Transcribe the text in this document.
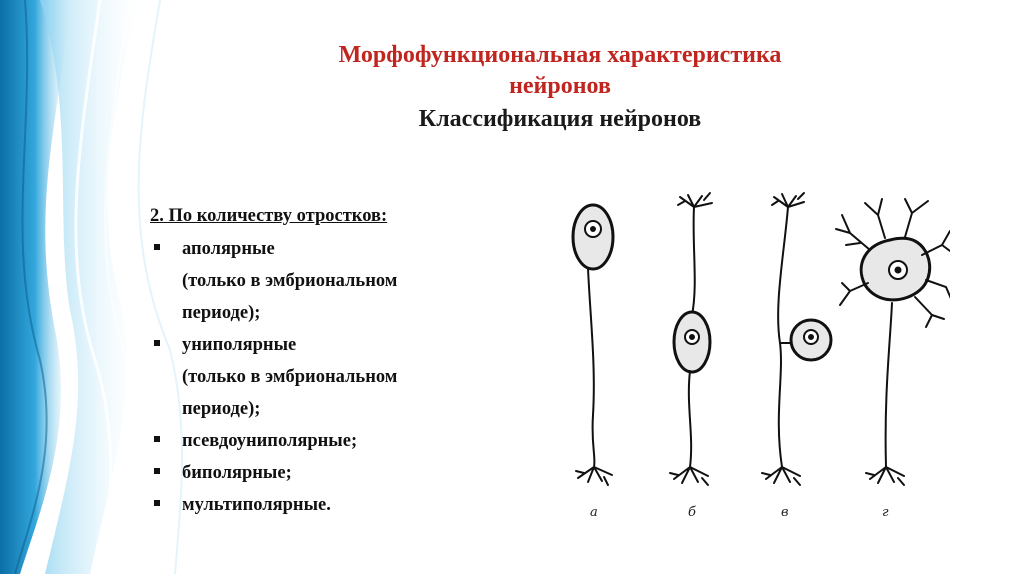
Морфофункциональная характеристика
нейронов
Классификация нейронов
2. По количеству отростков:
аполярные
(только в эмбриональном
периоде);
униполярные
(только в эмбриональном
периоде);
псевдоуниполярные;
биполярные;
мультиполярные.	а	б	в	г
